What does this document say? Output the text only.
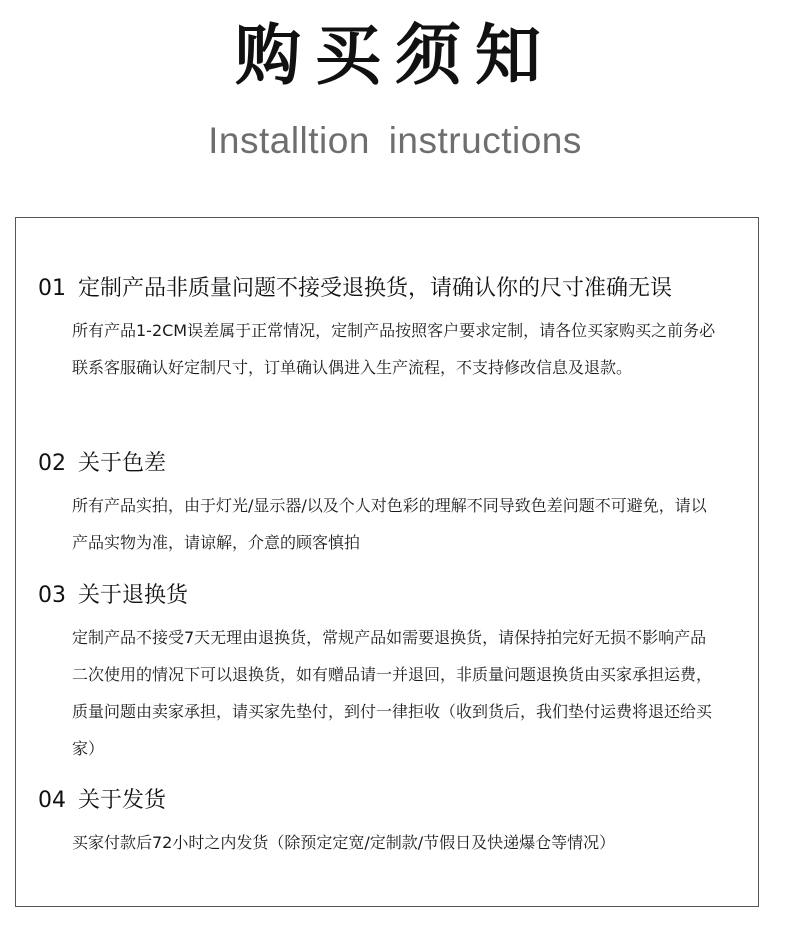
购买须知
Installtion instructions
01 定制产品非质量问题不接受退换货，请确认你的尺寸准确无误
所有产品1-2CM误差属于正常情况，定制产品按照客户要求定制，请各位买家购买之前务必联系客服确认好定制尺寸，订单确认偶进入生产流程，不支持修改信息及退款。
02 关于色差
所有产品实拍，由于灯光/显示器/以及个人对色彩的理解不同导致色差问题不可避免，请以产品实物为准，请谅解，介意的顾客慎拍
03 关于退换货
定制产品不接受7天无理由退换货，常规产品如需要退换货，请保持拍完好无损不影响产品二次使用的情况下可以退换货，如有赠品请一并退回，非质量问题退换货由买家承担运费，质量问题由卖家承担，请买家先垫付，到付一律拒收（收到货后，我们垫付运费将退还给买家）
04 关于发货
买家付款后72小时之内发货（除预定定宽/定制款/节假日及快递爆仓等情况）
